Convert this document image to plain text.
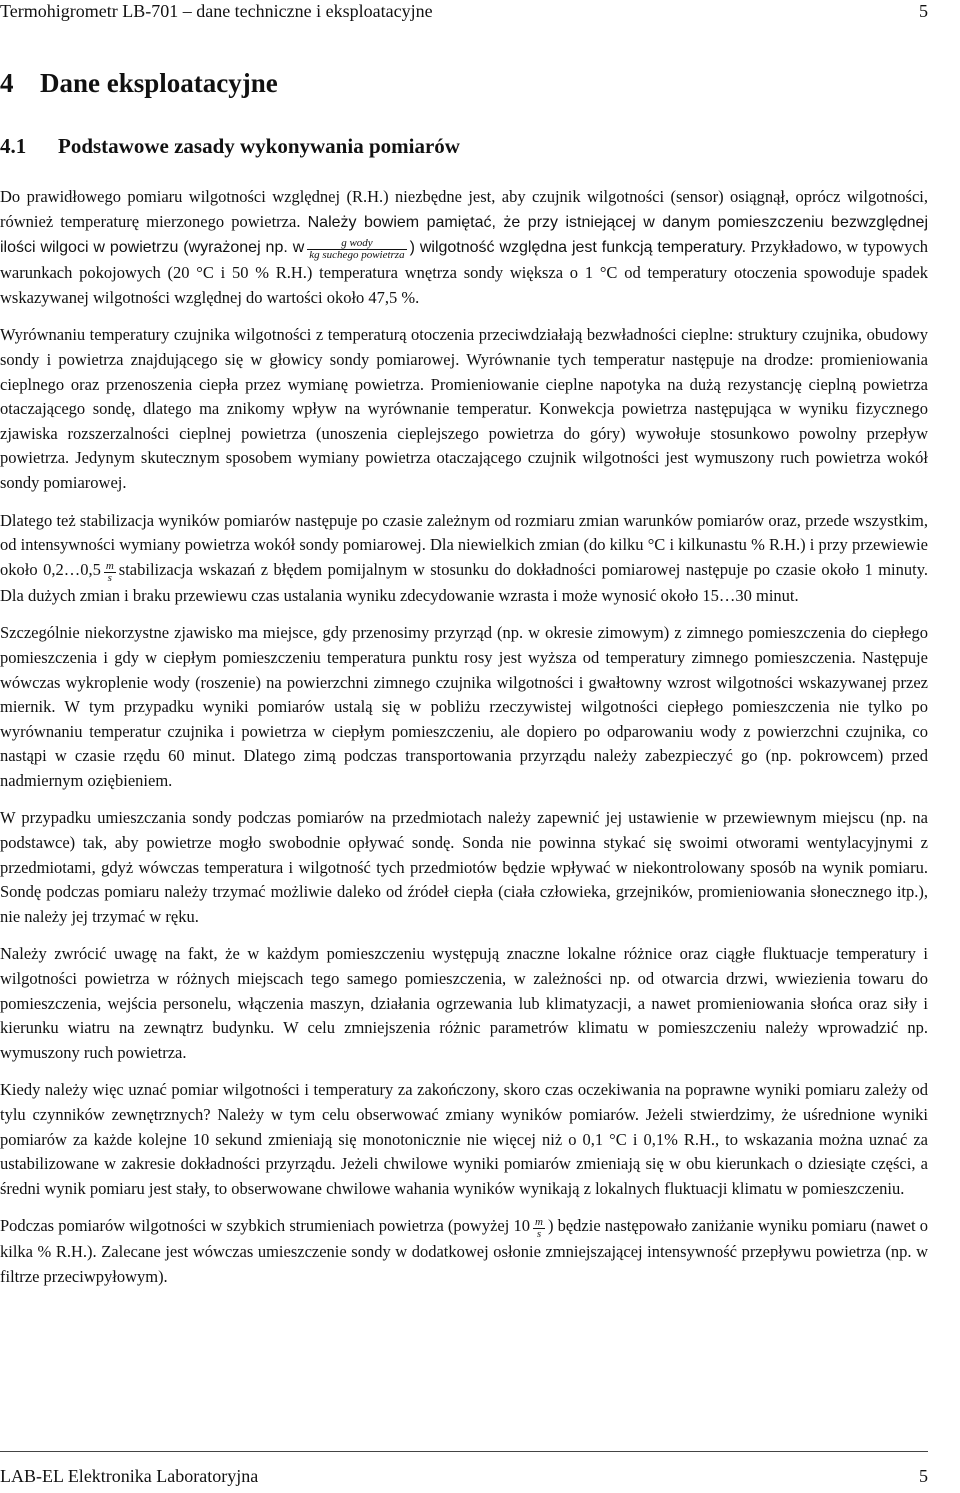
Termohigrometr LB-701 – dane techniczne i eksploatacyjne	5
4 Dane eksploatacyjne
4.1 Podstawowe zasady wykonywania pomiarów

Do prawidłowego pomiaru wilgotności względnej (R.H.) niezbędne jest, aby czujnik wilgotności (sensor) osiągnął, oprócz wilgotności, również temperaturę mierzonego powietrza. Należy bowiem pamiętać, że przy istniejącej w danym pomieszczeniu bezwzględnej ilości wilgoci w powietrzu (wyrażonej np. w $\frac{\text{g wody}}{\text{kg suchego powietrza}}$ ) wilgotność względna jest funkcją temperatury. Przykładowo, w typowych warunkach pokojowych (20 °C i 50 % R.H.) temperatura wnętrza sondy większa o 1 °C od temperatury otoczenia spowoduje spadek wskazywanej wilgotności względnej do wartości około 47,5 %.

Wyrównaniu temperatury czujnika wilgotności z temperaturą otoczenia przeciwdziałają bezwładności cieplne: struktury czujnika, obudowy sondy i powietrza znajdującego się w głowicy sondy pomiarowej. Wyrównanie tych temperatur następuje na drodze: promieniowania cieplnego oraz przenoszenia ciepła przez wymianę powietrza. Promieniowanie cieplne napotyka na dużą rezystancję cieplną powietrza otaczającego sondę, dlatego ma znikomy wpływ na wyrównanie temperatur. Konwekcja powietrza następująca w wyniku fizycznego zjawiska rozszerzalności cieplnej powietrza (unoszenia cieplejszego powietrza do góry) wywołuje stosunkowo powolny przepływ powietrza. Jedynym skutecznym sposobem wymiany powietrza otaczającego czujnik wilgotności jest wymuszony ruch powietrza wokół sondy pomiarowej.

Dlatego też stabilizacja wyników pomiarów następuje po czasie zależnym od rozmiaru zmian warunków pomiarów oraz, przede wszystkim, od intensywności wymiany powietrza wokół sondy pomiarowej. Dla niewielkich zmian (do kilku °C i kilkunastu % R.H.) i przy przewiewie około 0,2…0,5 $\frac{m}{s}$ stabilizacja wskazań z błędem pomijalnym w stosunku do dokładności pomiarowej następuje po czasie około 1 minuty. Dla dużych zmian i braku przewiewu czas ustalania wyniku zdecydowanie wzrasta i może wynosić około 15…30 minut.

Szczególnie niekorzystne zjawisko ma miejsce, gdy przenosimy przyrząd (np. w okresie zimowym) z zimnego pomieszczenia do ciepłego pomieszczenia i gdy w ciepłym pomieszczeniu temperatura punktu rosy jest wyższa od temperatury zimnego pomieszczenia. Następuje wówczas wykroplenie wody (roszenie) na powierzchni zimnego czujnika wilgotności i gwałtowny wzrost wilgotności wskazywanej przez miernik. W tym przypadku wyniki pomiarów ustalą się w pobliżu rzeczywistej wilgotności ciepłego pomieszczenia nie tylko po wyrównaniu temperatur czujnika i powietrza w ciepłym pomieszczeniu, ale dopiero po odparowaniu wody z powierzchni czujnika, co nastąpi w czasie rzędu 60 minut. Dlatego zimą podczas transportowania przyrządu należy zabezpieczyć go (np. pokrowcem) przed nadmiernym oziębieniem.

W przypadku umieszczania sondy podczas pomiarów na przedmiotach należy zapewnić jej ustawienie w przewiewnym miejscu (np. na podstawce) tak, aby powietrze mogło swobodnie opływać sondę. Sonda nie powinna stykać się swoimi otworami wentylacyjnymi z przedmiotami, gdyż wówczas temperatura i wilgotność tych przedmiotów będzie wpływać w niekontrolowany sposób na wynik pomiaru. Sondę podczas pomiaru należy trzymać możliwie daleko od źródeł ciepła (ciała człowieka, grzejników, promieniowania słonecznego itp.), nie należy jej trzymać w ręku.

Należy zwrócić uwagę na fakt, że w każdym pomieszczeniu występują znaczne lokalne różnice oraz ciągłe fluktuacje temperatury i wilgotności powietrza w różnych miejscach tego samego pomieszczenia, w zależności np. od otwarcia drzwi, wwiezienia towaru do pomieszczenia, wejścia personelu, włączenia maszyn, działania ogrzewania lub klimatyzacji, a nawet promieniowania słońca oraz siły i kierunku wiatru na zewnątrz budynku. W celu zmniejszenia różnic parametrów klimatu w pomieszczeniu należy wprowadzić np. wymuszony ruch powietrza.

Kiedy należy więc uznać pomiar wilgotności i temperatury za zakończony, skoro czas oczekiwania na poprawne wyniki pomiaru zależy od tylu czynników zewnętrznych? Należy w tym celu obserwować zmiany wyników pomiarów. Jeżeli stwierdzimy, że uśrednione wyniki pomiarów za każde kolejne 10 sekund zmieniają się monotonicznie nie więcej niż o 0,1 °C i 0,1% R.H., to wskazania można uznać za ustabilizowane w zakresie dokładności przyrządu. Jeżeli chwilowe wyniki pomiarów zmieniają się w obu kierunkach o dziesiąte części, a średni wynik pomiaru jest stały, to obserwowane chwilowe wahania wyników wynikają z lokalnych fluktuacji klimatu w pomieszczeniu.

Podczas pomiarów wilgotności w szybkich strumieniach powietrza (powyżej $10 \frac{m}{s}$ ) będzie następowało zaniżanie wyniku pomiaru (nawet o kilka % R.H.). Zalecane jest wówczas umieszczenie sondy w dodatkowej osłonie zmniejszającej intensywność przepływu powietrza (np. w filtrze przeciwpyłowym).

LAB-EL Elektronika Laboratoryjna	5
